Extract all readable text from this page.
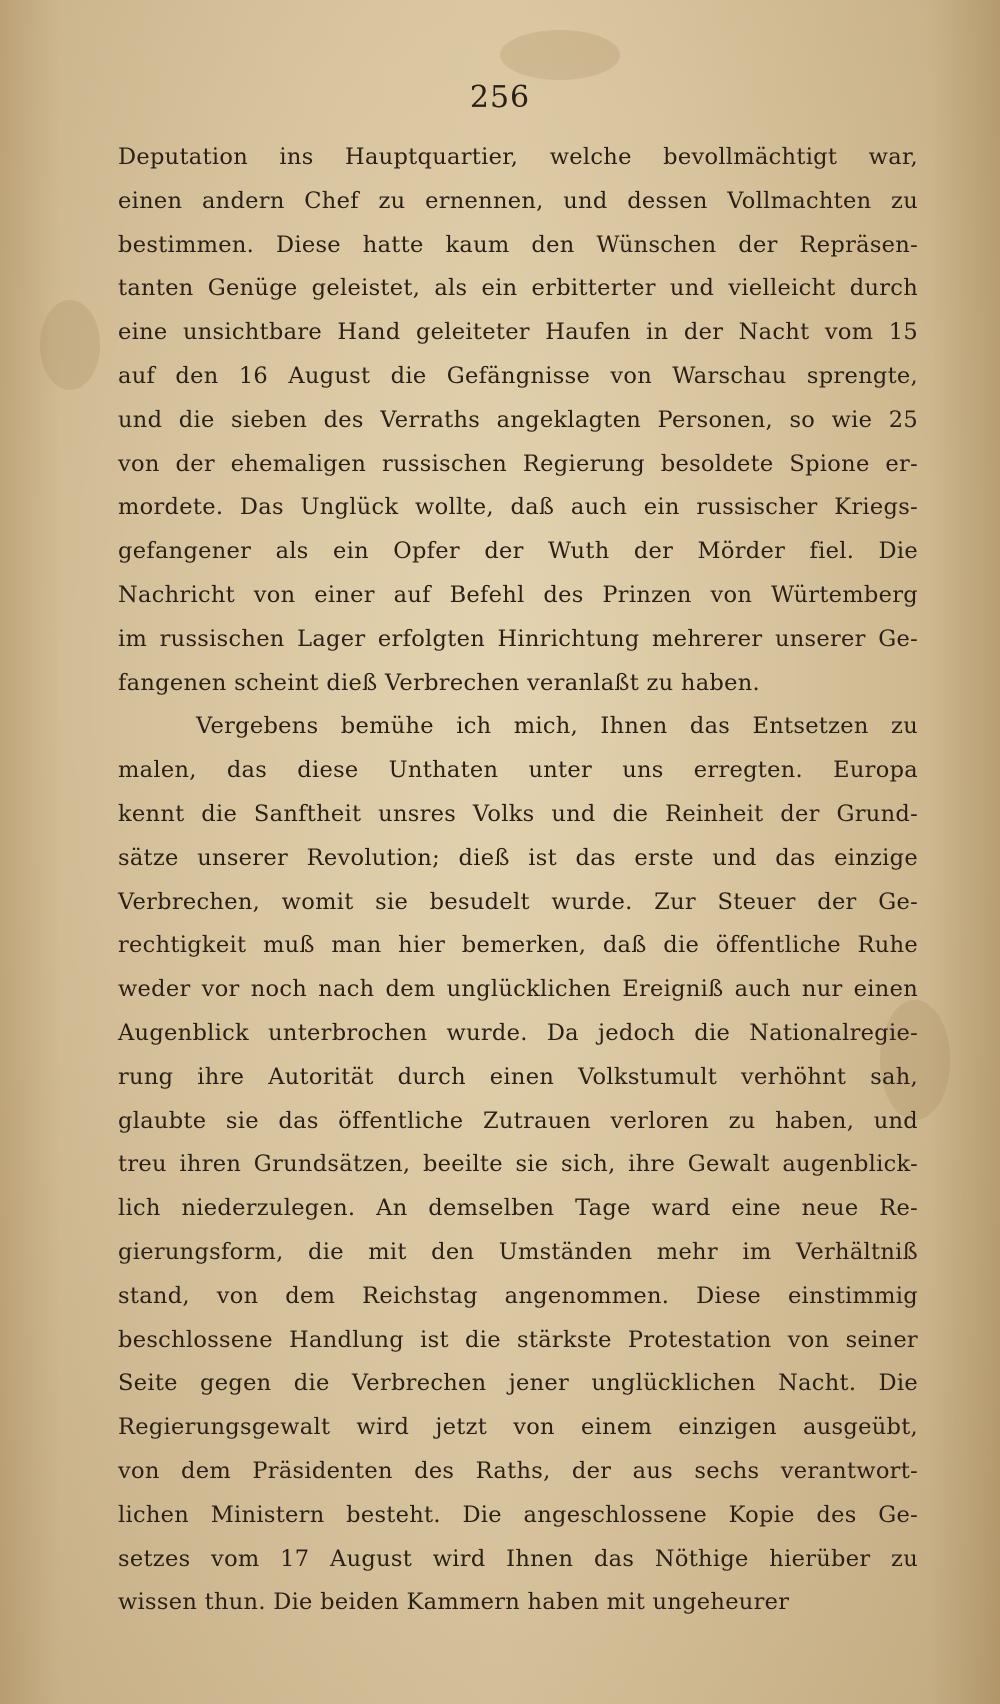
256
Deputation ins Hauptquartier, welche bevollmächtigt war,
einen andern Chef zu ernennen, und dessen Vollmachten zu
bestimmen. Diese hatte kaum den Wünschen der Repräsen-
tanten Genüge geleistet, als ein erbitterter und vielleicht durch
eine unsichtbare Hand geleiteter Haufen in der Nacht vom 15
auf den 16 August die Gefängnisse von Warschau sprengte,
und die sieben des Verraths angeklagten Personen, so wie 25
von der ehemaligen russischen Regierung besoldete Spione er-
mordete. Das Unglück wollte, daß auch ein russischer Kriegs-
gefangener als ein Opfer der Wuth der Mörder fiel. Die
Nachricht von einer auf Befehl des Prinzen von Würtemberg
im russischen Lager erfolgten Hinrichtung mehrerer unserer Ge-
fangenen scheint dieß Verbrechen veranlaßt zu haben.
Vergebens bemühe ich mich, Ihnen das Entsetzen zu
malen, das diese Unthaten unter uns erregten. Europa
kennt die Sanftheit unsres Volks und die Reinheit der Grund-
sätze unserer Revolution; dieß ist das erste und das einzige
Verbrechen, womit sie besudelt wurde. Zur Steuer der Ge-
rechtigkeit muß man hier bemerken, daß die öffentliche Ruhe
weder vor noch nach dem unglücklichen Ereigniß auch nur einen
Augenblick unterbrochen wurde. Da jedoch die Nationalregie-
rung ihre Autorität durch einen Volkstumult verhöhnt sah,
glaubte sie das öffentliche Zutrauen verloren zu haben, und
treu ihren Grundsätzen, beeilte sie sich, ihre Gewalt augenblick-
lich niederzulegen. An demselben Tage ward eine neue Re-
gierungsform, die mit den Umständen mehr im Verhältniß
stand, von dem Reichstag angenommen. Diese einstimmig
beschlossene Handlung ist die stärkste Protestation von seiner
Seite gegen die Verbrechen jener unglücklichen Nacht. Die
Regierungsgewalt wird jetzt von einem einzigen ausgeübt,
von dem Präsidenten des Raths, der aus sechs verantwort-
lichen Ministern besteht. Die angeschlossene Kopie des Ge-
setzes vom 17 August wird Ihnen das Nöthige hierüber zu
wissen thun. Die beiden Kammern haben mit ungeheurer
